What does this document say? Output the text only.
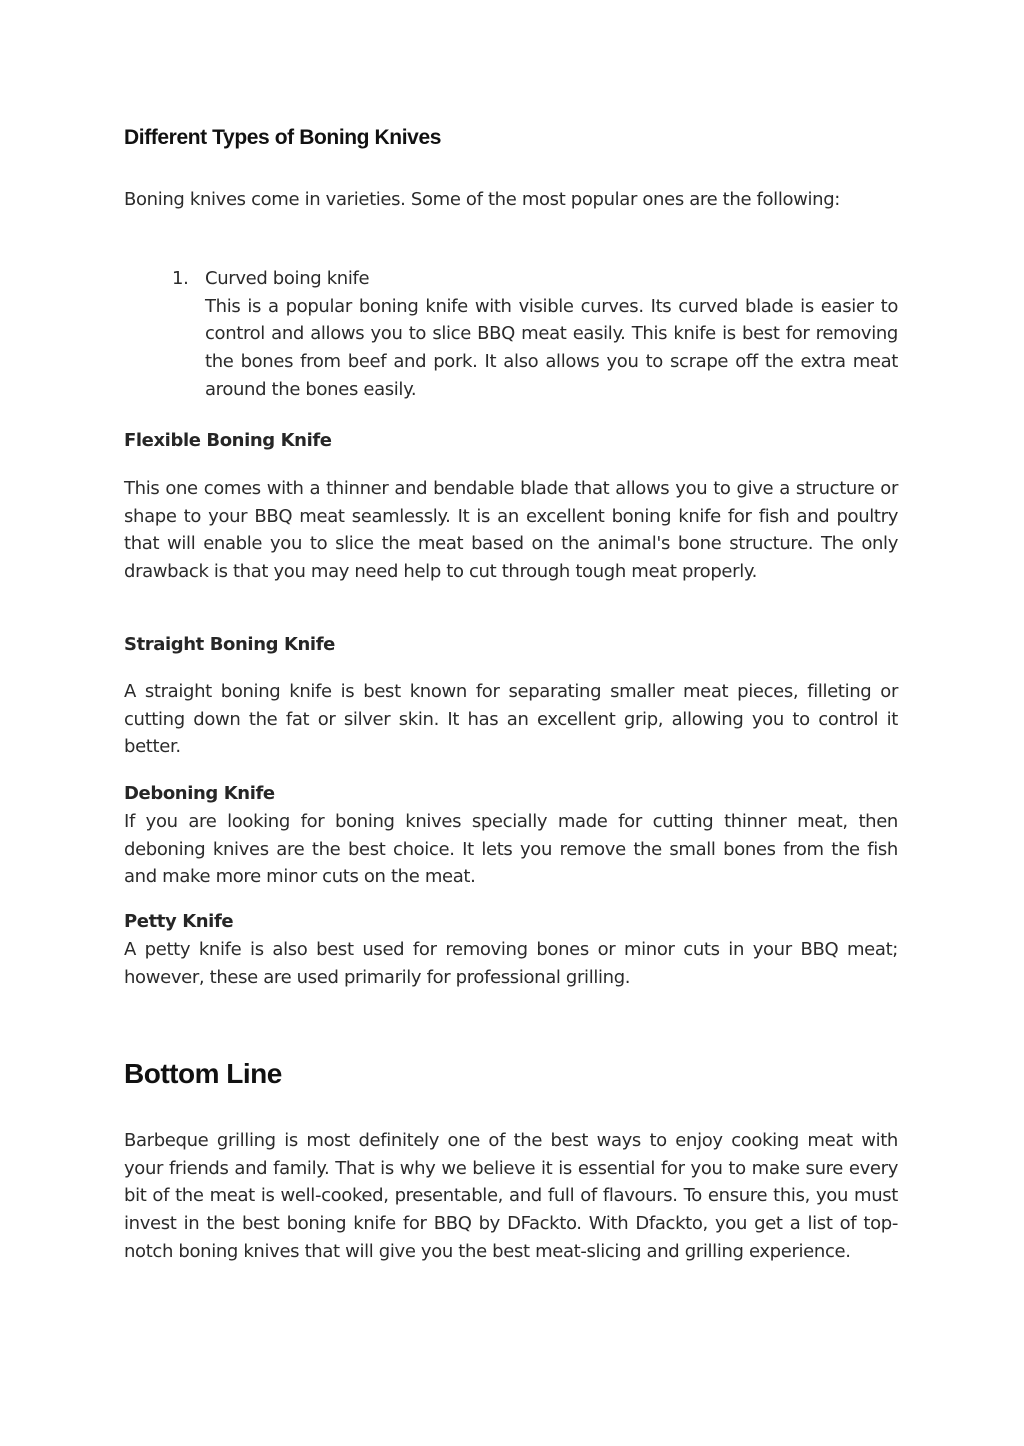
Different Types of Boning Knives

Boning knives come in varieties. Some of the most popular ones are the following:

1. Curved boing knife
This is a popular boning knife with visible curves. Its curved blade is easier to control and allows you to slice BBQ meat easily. This knife is best for removing the bones from beef and pork. It also allows you to scrape off the extra meat around the bones easily.
Flexible Boning Knife

This one comes with a thinner and bendable blade that allows you to give a structure or shape to your BBQ meat seamlessly. It is an excellent boning knife for fish and poultry that will enable you to slice the meat based on the animal's bone structure. The only drawback is that you may need help to cut through tough meat properly.

Straight Boning Knife

A straight boning knife is best known for separating smaller meat pieces, filleting or cutting down the fat or silver skin. It has an excellent grip, allowing you to control it better.

Deboning Knife

If you are looking for boning knives specially made for cutting thinner meat, then deboning knives are the best choice. It lets you remove the small bones from the fish and make more minor cuts on the meat.

Petty Knife

A petty knife is also best used for removing bones or minor cuts in your BBQ meat; however, these are used primarily for professional grilling.

Bottom Line

Barbeque grilling is most definitely one of the best ways to enjoy cooking meat with your friends and family. That is why we believe it is essential for you to make sure every bit of the meat is well-cooked, presentable, and full of flavours. To ensure this, you must invest in the best boning knife for BBQ by DFackto. With Dfackto, you get a list of top-notch boning knives that will give you the best meat-slicing and grilling experience.
